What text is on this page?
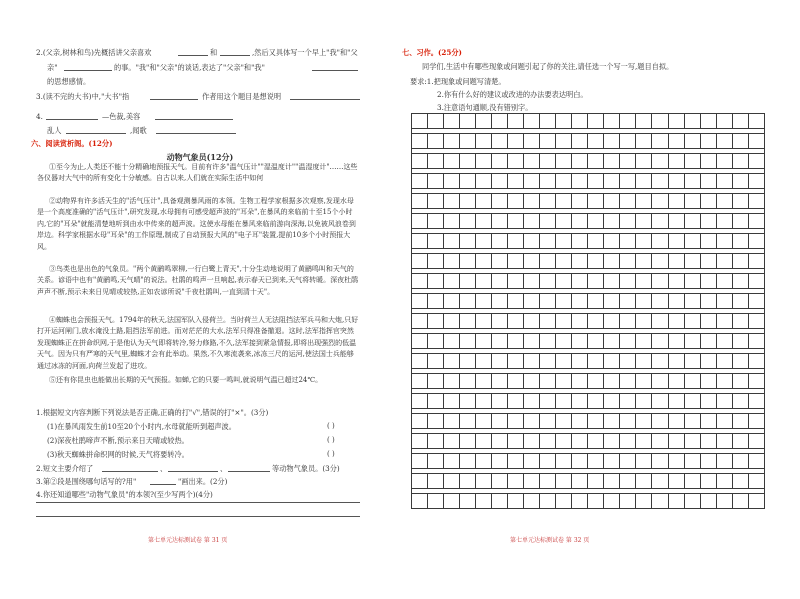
2.(父亲,树林和鸟)先概括讲父亲喜欢	和	,然后又具体写一个早上"我"和"父
亲"	的事。"我"和"父亲"的谈话,表达了"父亲"和"我"
的思想感情。
3.(读不完的大书)中,"大书"指	作者用这个题目是想说明
4.	—色裁,美容
乱人	,闻歌
六、阅读赏析阁。(12分)
动物气象员(12分)
①至今为止,人类还不能十分精确地预报天气。目前有许多"温气压计""湿温度计""温湿度计"……这些各仪器对大气中的所有变化十分敏感。自古以来,人们就在实际生活中如何
②动物界有许多活天生的"活气压计",具备观测暴风雨的本领。生物工程学家根据多次观察,发现水母是一个高度准确的"活气压计",研究发现,水母拥有可感受超声波的"耳朵",在暴风的来临前十至15个小时内,它的"耳朵"就能清楚地听到由水中传来的超声波。这使水母能在暴风来临前游向深海,以免被风浪卷到岸边。科学家根据水母"耳朵"的工作原理,制成了自动预报大风的"电子耳"装置,提前10多个小时预报大风。
③鸟类也是出色的气象员。"两个黄鹂鸣翠柳,一行白鹭上青天",十分生动地说明了黄鹂鸣叫和天气的关系。谚语中也有"黄鹂鸣,天气晴"的说法。杜鹃的鸣声一旦响起,表示春天已到来,天气将转暖。深夜杜鹃声声不断,预示未来日见晴或较热,正如农谚所说"千夜杜鹃叫,一直到清十天"。
④蜘蛛也会预报天气。1794年的秋天,法国军队入侵荷兰。当时荷兰人无法阻挡法军兵马和大炮,只好打开运河闸门,放水淹没土路,阻挡法军前进。而对茫茫的大水,法军只得准备撤退。这时,法军指挥官突然发现蜘蛛正在拼命织网,于是他认为天气即将转冷,努力修路,不久,法军接到紧急情报,即将出现强烈的低温天气。因为只有严寒的天气里,蜘蛛才会有此举动。果然,不久寒流袭来,冰冻三尺的运河,使法国士兵能够通过冰冻的河面,向荷兰发起了进攻。
⑤还有你昆虫也能做出长期的天气预报。如蝉,它的只要一鸣叫,就说明气温已超过24℃。
1.根据短文内容判断下列说法是否正确,正确的打"√",错误的打"×"。(3分)
(1)在暴风雨发生前10至20个小时内,水母就能听到超声波。	( )
(2)深夜杜鹃啼声不断,预示来日天晴或较热。	( )
(3)秋天蜘蛛拼命织网的时候,天气将要转冷。	( )
2.短文主要介绍了	、	、	等动物气象员。(3分)
3.第②段是围绕哪句话写的?用"	"画出来。(2分)
4.你还知道哪些"动物气象员"的本领?(至少写两个)(4分)
第七单元达标测试卷 第 31 页
七、习作。(25分)
同学们,生活中有哪些现象或问题引起了你的关注,请任选一个写一写,题目自拟。
要求:1.把现象或问题写清楚。
2.你有什么好的建议或改进的办法要表达明白。
3.注意语句通顺,没有错别字。

第七单元达标测试卷 第 32 页
